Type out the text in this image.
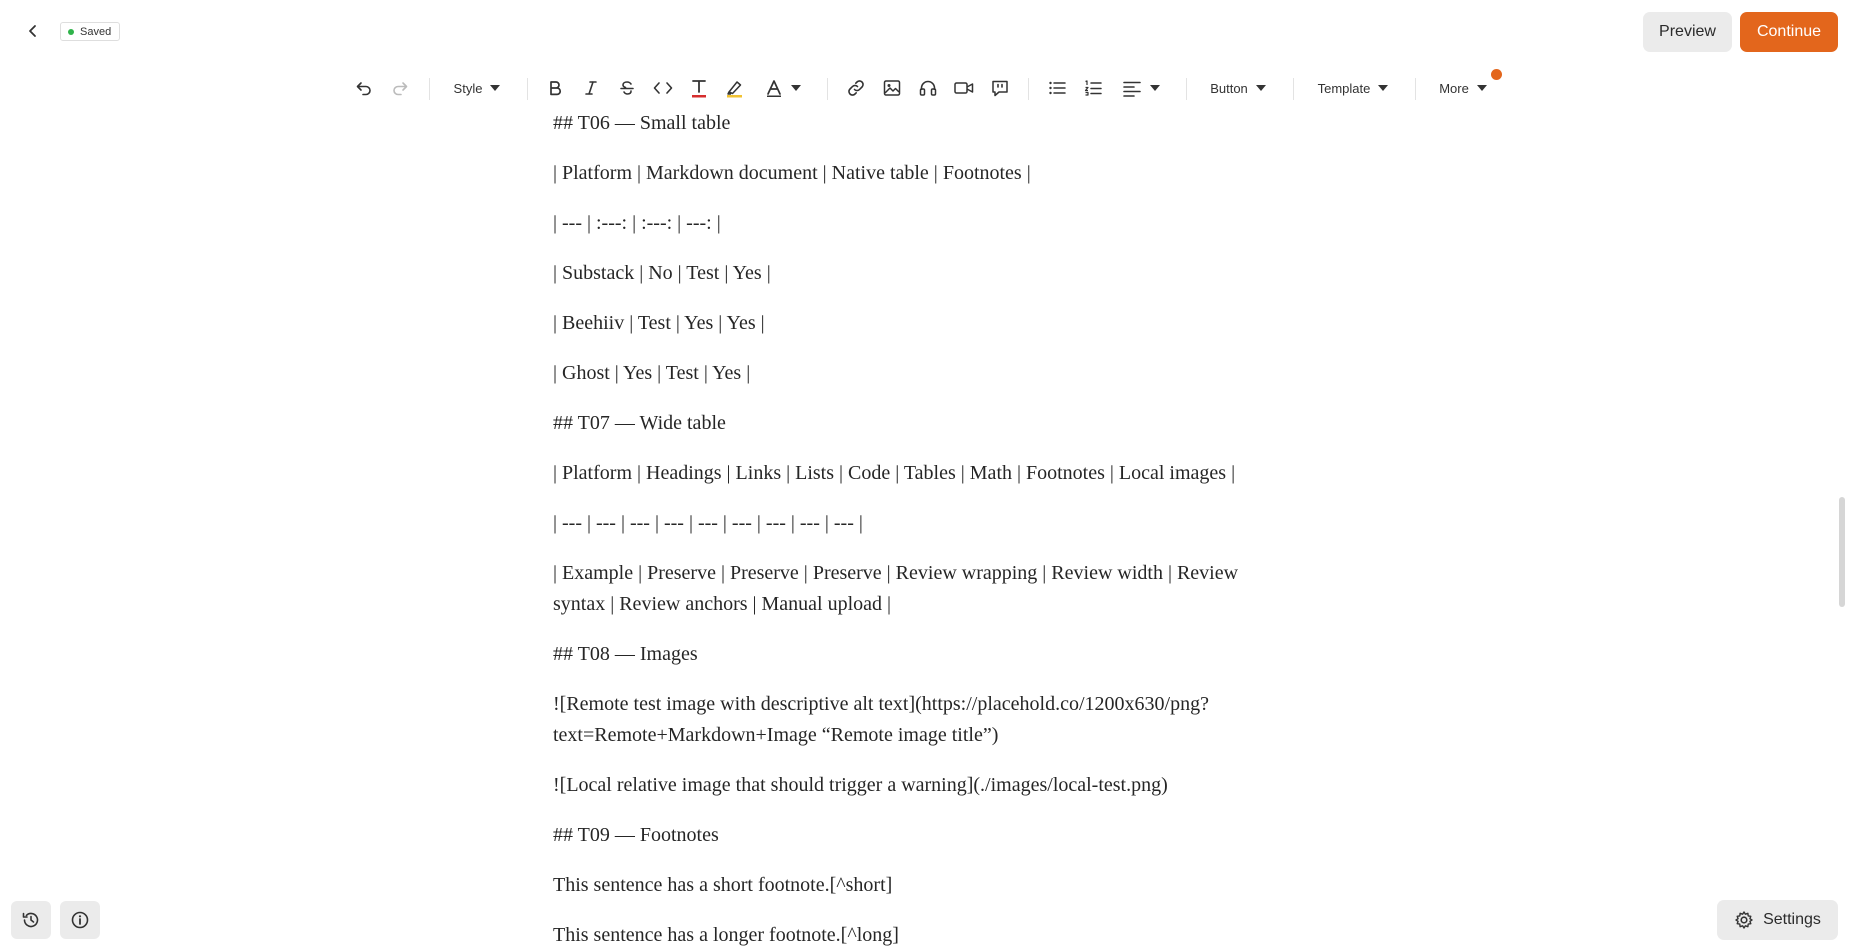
Saved	Preview	Continue
Style	Button	Template	More

## T06 — Small table

| Platform | Markdown document | Native table | Footnotes |

| --- | :---: | :---: | ---: |

| Substack | No | Test | Yes |

| Beehiiv | Test | Yes | Yes |

| Ghost | Yes | Test | Yes |

## T07 — Wide table

| Platform | Headings | Links | Lists | Code | Tables | Math | Footnotes | Local images |

| --- | --- | --- | --- | --- | --- | --- | --- | --- |

| Example | Preserve | Preserve | Preserve | Review wrapping | Review width | Review syntax | Review anchors | Manual upload |

## T08 — Images

![Remote test image with descriptive alt text](https://placehold.co/1200x630/png?text=Remote+Markdown+Image “Remote image title”)

![Local relative image that should trigger a warning](./images/local-test.png)

## T09 — Footnotes

This sentence has a short footnote.[^short]

This sentence has a longer footnote.[^long]

Settings
